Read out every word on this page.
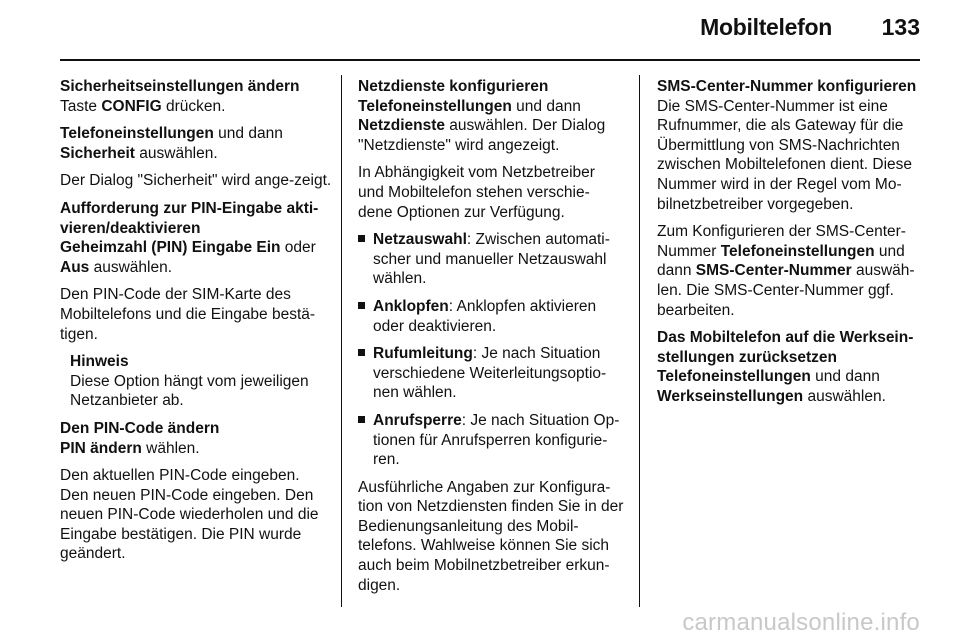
Mobiltelefon 133
Sicherheitseinstellungen ändern

Taste CONFIG drücken.

Telefoneinstellungen und dann
Sicherheit auswählen.

Der Dialog "Sicherheit" wird ange-zeigt.

Aufforderung zur PIN-Eingabe akti-vieren/deaktivieren

Geheimzahl (PIN) Eingabe Ein oder
Aus auswählen.

Den PIN-Code der SIM-Karte des Mobiltelefons und die Eingabe bestä-tigen.

Hinweis

Diese Option hängt vom jeweiligen Netzanbieter ab.

Den PIN-Code ändern

PIN ändern wählen.

Den aktuellen PIN-Code eingeben. Den neuen PIN-Code eingeben. Den neuen PIN-Code wiederholen und die Eingabe bestätigen. Die PIN wurde geändert.

Netzdienste konfigurieren

Telefoneinstellungen und dann
Netzdienste auswählen. Der Dialog "Netzdienste" wird angezeigt.

In Abhängigkeit vom Netzbetreiber und Mobiltelefon stehen verschie-dene Optionen zur Verfügung.

Netzauswahl: Zwischen automati-scher und manueller Netzauswahl wählen.
Anklopfen: Anklopfen aktivieren oder deaktivieren.
Rufumleitung: Je nach Situation verschiedene Weiterleitungsoptio-nen wählen.
Anrufsperre: Je nach Situation Op-tionen für Anrufsperren konfigurie-ren.

Ausführliche Angaben zur Konfigura-tion von Netzdiensten finden Sie in der Bedienungsanleitung des Mobil-telefons. Wahlweise können Sie sich auch beim Mobilnetzbetreiber erkun-digen.

SMS-Center-Nummer konfigurieren

Die SMS-Center-Nummer ist eine Rufnummer, die als Gateway für die Übermittlung von SMS-Nachrichten zwischen Mobiltelefonen dient. Diese Nummer wird in der Regel vom Mo-bilnetzbetreiber vorgegeben.

Zum Konfigurieren der SMS-Center-Nummer Telefoneinstellungen und dann SMS-Center-Nummer auswäh-len. Die SMS-Center-Nummer ggf. bearbeiten.

Das Mobiltelefon auf die Werksein-stellungen zurücksetzen

Telefoneinstellungen und dann
Werkseinstellungen auswählen.

carmanualsonline.info
